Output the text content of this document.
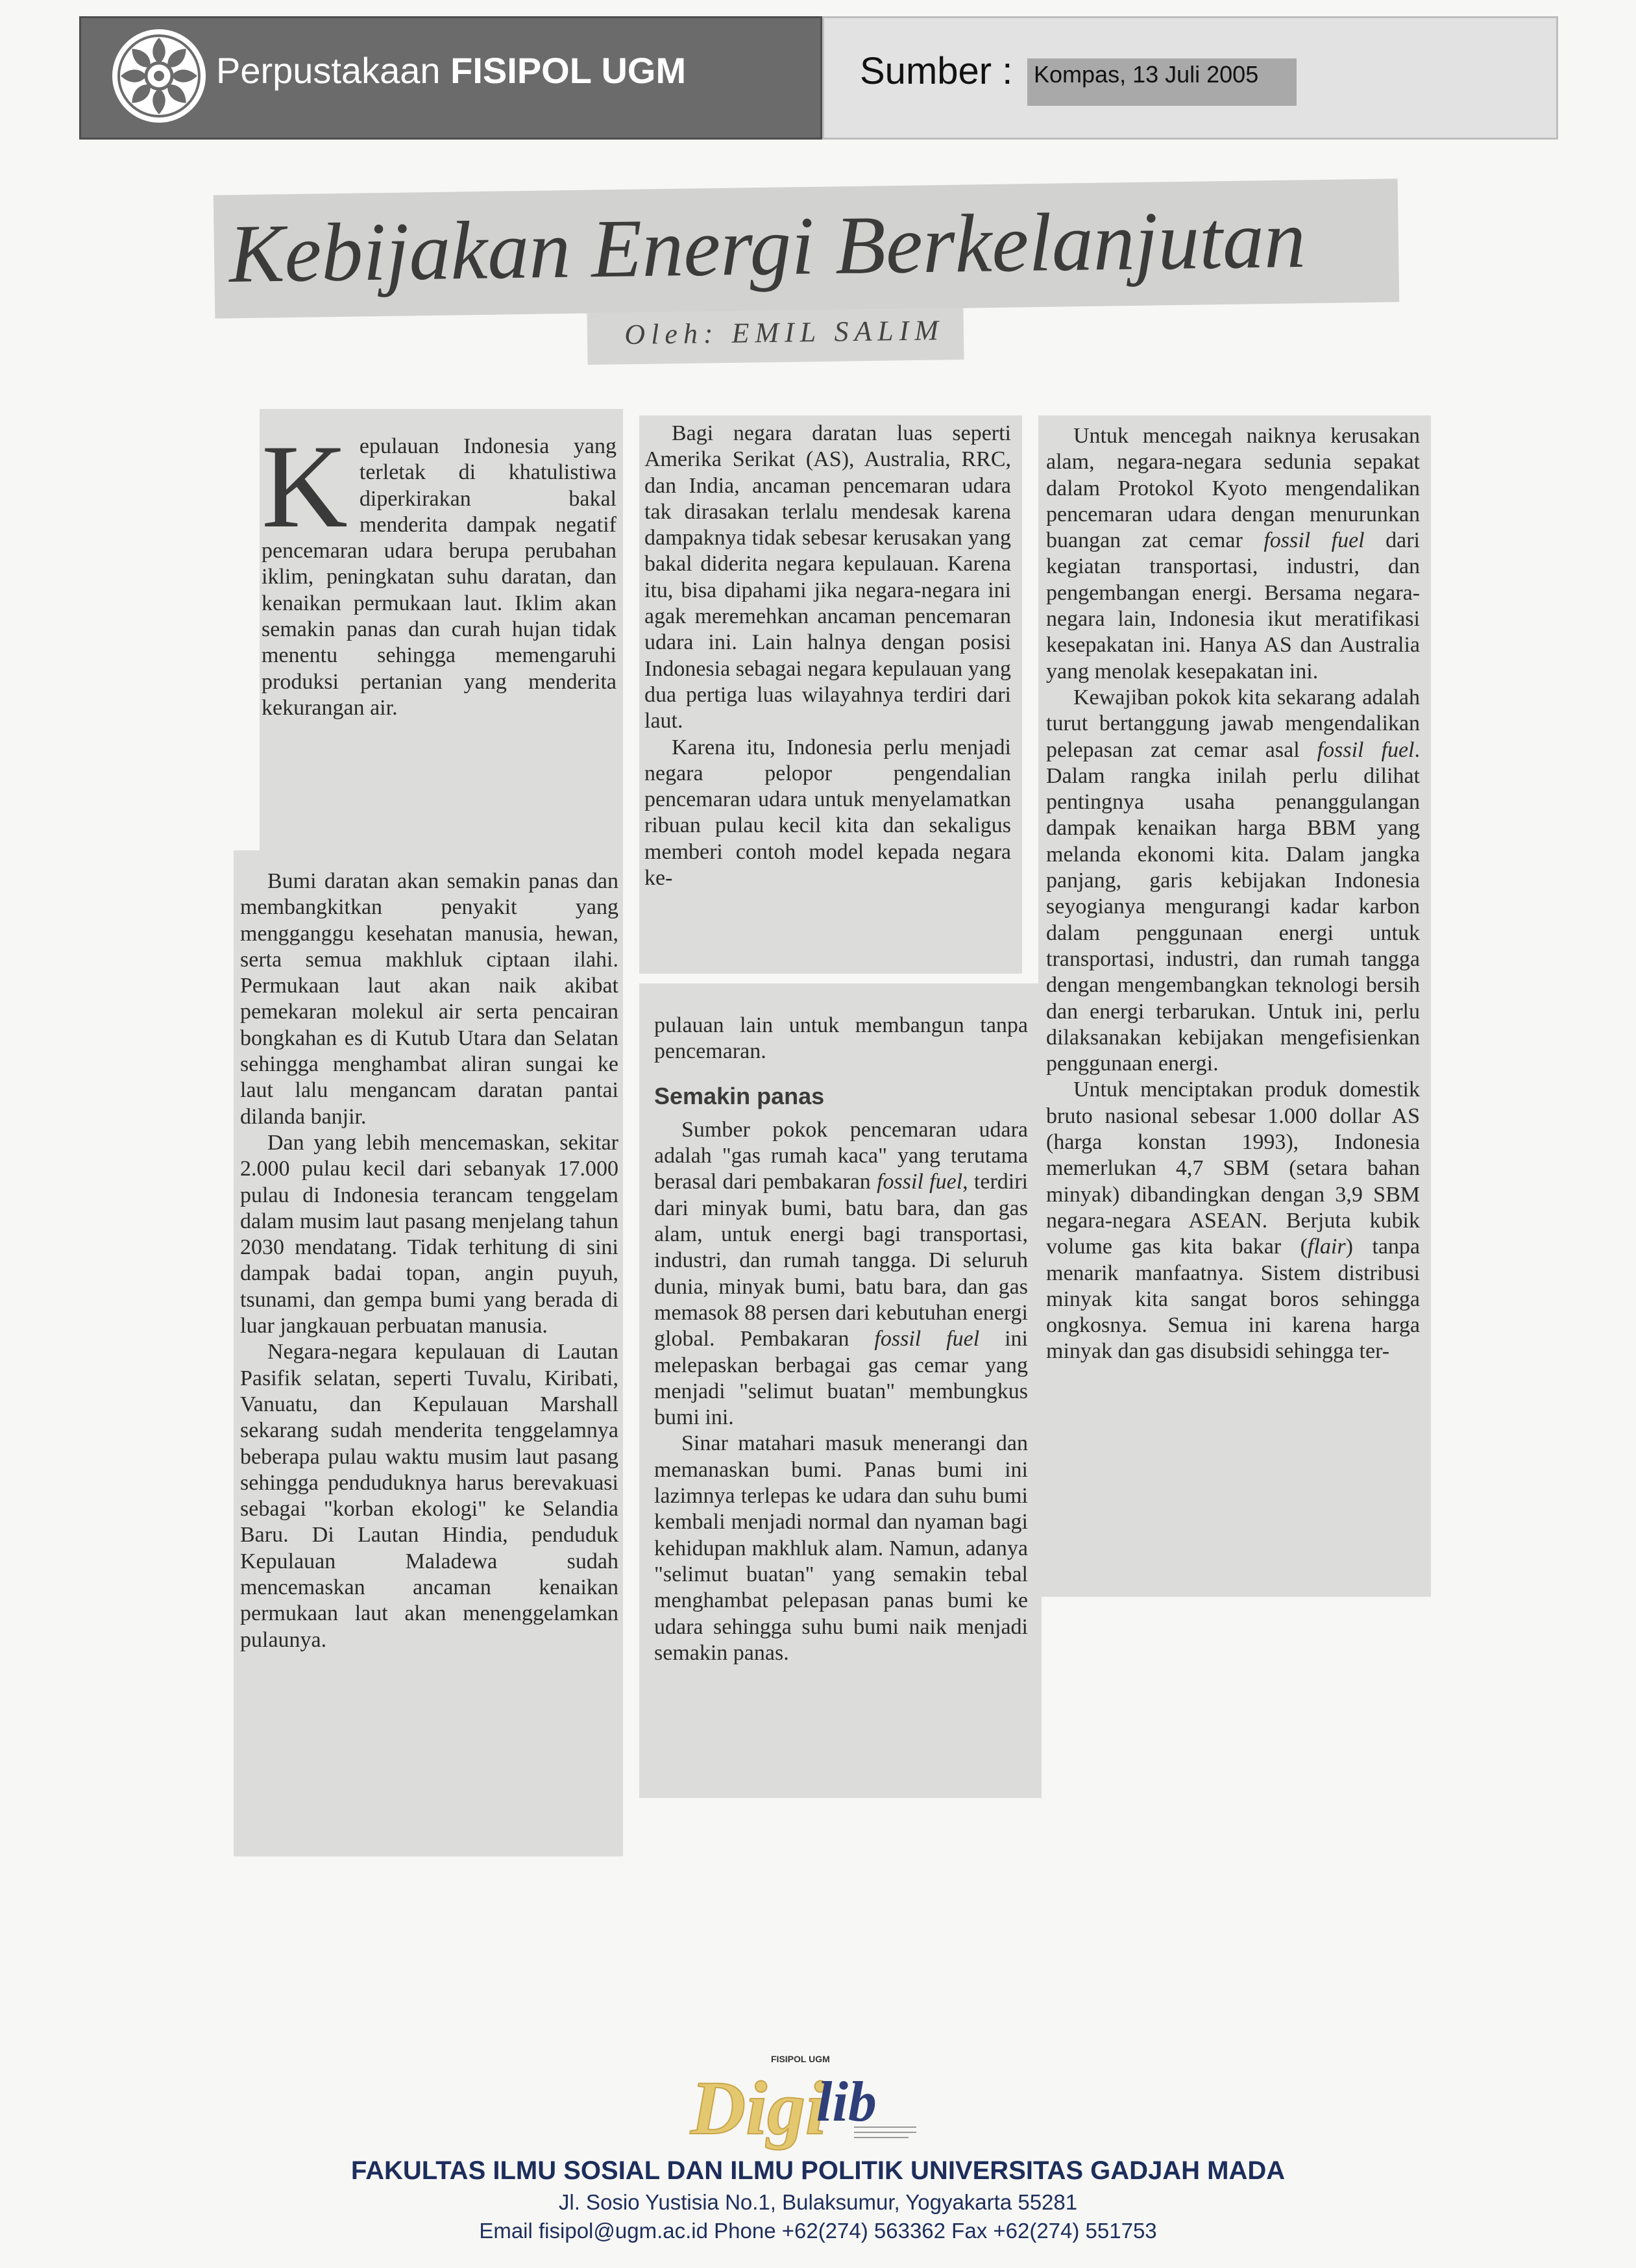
Perpustakaan FISIPOL UGM	Sumber : Kompas, 13 Juli 2005
Kebijakan Energi Berkelanjutan
Oleh: EMIL SALIM
K epulauan Indonesia yang terletak di khatulistiwa diperkirakan bakal menderita dampak negatif pencemaran udara berupa perubahan iklim, peningkatan suhu daratan, dan kenaikan permukaan laut. Iklim akan semakin panas dan curah hujan tidak menentu sehingga memengaruhi produksi pertanian yang menderita kekurangan air.

Bumi daratan akan semakin panas dan membangkitkan penyakit yang mengganggu kesehatan manusia, hewan, serta semua makhluk ciptaan ilahi. Permukaan laut akan naik akibat pemekaran molekul air serta pencairan bongkahan es di Kutub Utara dan Selatan sehingga menghambat aliran sungai ke laut lalu mengancam daratan pantai dilanda banjir.

Dan yang lebih mencemaskan, sekitar 2.000 pulau kecil dari sebanyak 17.000 pulau di Indonesia terancam tenggelam dalam musim laut pasang menjelang tahun 2030 mendatang. Tidak terhitung di sini dampak badai topan, angin puyuh, tsunami, dan gempa bumi yang berada di luar jangkauan perbuatan manusia.

Negara-negara kepulauan di Lautan Pasifik selatan, seperti Tuvalu, Kiribati, Vanuatu, dan Kepulauan Marshall sekarang sudah menderita tenggelamnya beberapa pulau waktu musim laut pasang sehingga penduduknya harus berevakuasi sebagai "korban ekologi" ke Selandia Baru. Di Lautan Hindia, penduduk Kepulauan Maladewa sudah mencemaskan ancaman kenaikan permukaan laut akan menenggelamkan pulaunya.

Bagi negara daratan luas seperti Amerika Serikat (AS), Australia, RRC, dan India, ancaman pencemaran udara tak dirasakan terlalu mendesak karena dampaknya tidak sebesar kerusakan yang bakal diderita negara kepulauan. Karena itu, bisa dipahami jika negara-negara ini agak meremehkan ancaman pencemaran udara ini. Lain halnya dengan posisi Indonesia sebagai negara kepulauan yang dua pertiga luas wilayahnya terdiri dari laut.

Karena itu, Indonesia perlu menjadi negara pelopor pengendalian pencemaran udara untuk menyelamatkan ribuan pulau kecil kita dan sekaligus memberi contoh model kepada negara ke-

pulauan lain untuk membangun tanpa pencemaran.

Semakin panas

Sumber pokok pencemaran udara adalah "gas rumah kaca" yang terutama berasal dari pembakaran fossil fuel, terdiri dari minyak bumi, batu bara, dan gas alam, untuk energi bagi transportasi, industri, dan rumah tangga. Di seluruh dunia, minyak bumi, batu bara, dan gas memasok 88 persen dari kebutuhan energi global. Pembakaran fossil fuel ini melepaskan berbagai gas cemar yang menjadi "selimut buatan" membungkus bumi ini.

Sinar matahari masuk menerangi dan memanaskan bumi. Panas bumi ini lazimnya terlepas ke udara dan suhu bumi kembali menjadi normal dan nyaman bagi kehidupan makhluk alam. Namun, adanya "selimut buatan" yang semakin tebal menghambat pelepasan panas bumi ke udara sehingga suhu bumi naik menjadi semakin panas.

Untuk mencegah naiknya kerusakan alam, negara-negara sedunia sepakat dalam Protokol Kyoto mengendalikan pencemaran udara dengan menurunkan buangan zat cemar fossil fuel dari kegiatan transportasi, industri, dan pengembangan energi. Bersama negara-negara lain, Indonesia ikut meratifikasi kesepakatan ini. Hanya AS dan Australia yang menolak kesepakatan ini.

Kewajiban pokok kita sekarang adalah turut bertanggung jawab mengendalikan pelepasan zat cemar asal fossil fuel. Dalam rangka inilah perlu dilihat pentingnya usaha penanggulangan dampak kenaikan harga BBM yang melanda ekonomi kita. Dalam jangka panjang, garis kebijakan Indonesia seyogianya mengurangi kadar karbon dalam penggunaan energi untuk transportasi, industri, dan rumah tangga dengan mengembangkan teknologi bersih dan energi terbarukan. Untuk ini, perlu dilaksanakan kebijakan mengefisienkan penggunaan energi.

Untuk menciptakan produk domestik bruto nasional sebesar 1.000 dollar AS (harga konstan 1993), Indonesia memerlukan 4,7 SBM (setara bahan minyak) dibandingkan dengan 3,9 SBM negara-negara ASEAN. Berjuta kubik volume gas kita bakar (flair) tanpa menarik manfaatnya. Sistem distribusi minyak kita sangat boros sehingga ongkosnya. Semua ini karena harga minyak dan gas disubsidi sehingga ter-

FISIPOL UGM
Digi
lib
FAKULTAS ILMU SOSIAL DAN ILMU POLITIK UNIVERSITAS GADJAH MADA
Jl. Sosio Yustisia No.1, Bulaksumur, Yogyakarta 55281
Email fisipol@ugm.ac.id Phone +62(274) 563362 Fax +62(274) 551753
